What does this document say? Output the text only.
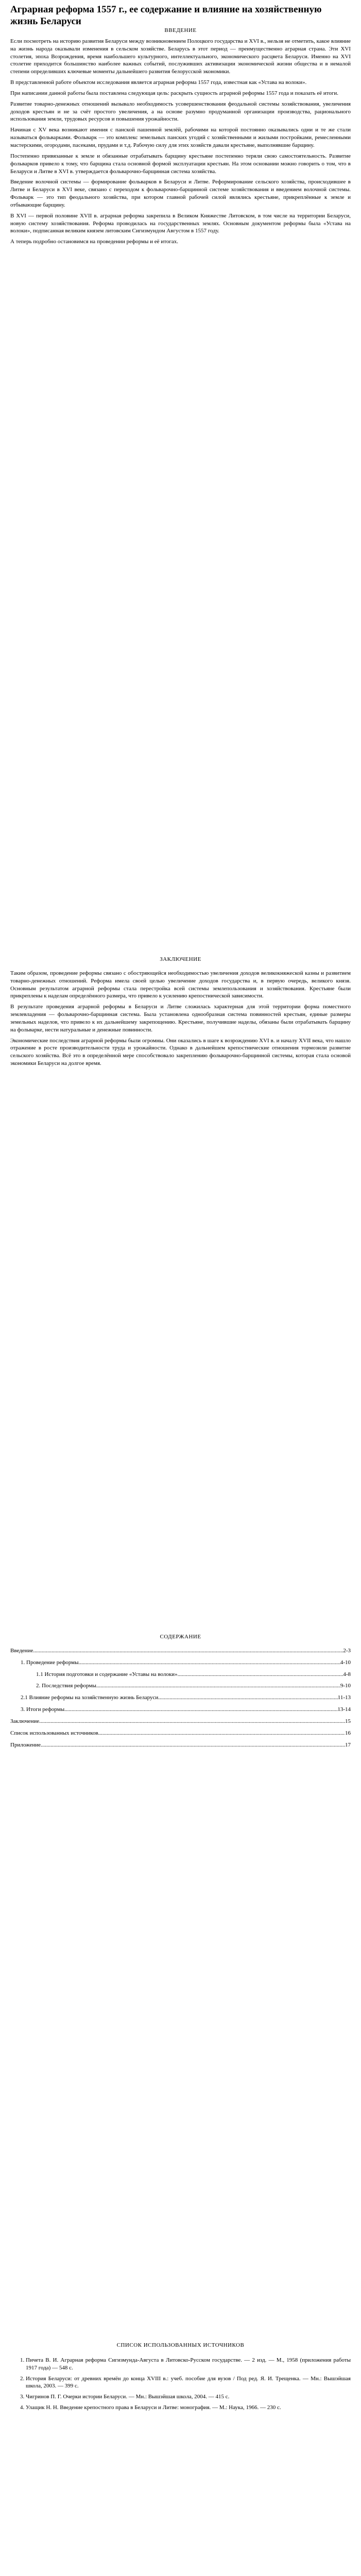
Аграрная реформа 1557 г., ее содержание и влияние на хозяйственную жизнь Беларуси

ВВЕДЕНИЕ

Если посмотреть на историю развития Беларуси между возникновением Полоцкого государства и XVI в., нельзя не отметить, какое влияние на жизнь народа оказывали изменения в сельском хозяйстве. Беларусь в этот период — преимущественно аграрная страна. Эти XVI столетия, эпоха Возрождения, время наибольшего культурного, интеллектуального, экономического расцвета Беларуси. Именно на XVI столетие приходится большинство наиболее важных событий, послуживших активизации экономической жизни общества и в немалой степени определивших ключевые моменты дальнейшего развития белорусской экономики.

В представленной работе объектом исследования является аграрная реформа 1557 года, известная как «Устава на волоки».

При написании данной работы была поставлена следующая цель: раскрыть сущность аграрной реформы 1557 года и показать её итоги.

Развитие товарно-денежных отношений вызывало необходимость усовершенствования феодальной системы хозяйствования, увеличения доходов крестьян и не за счёт простого увеличения, а на основе разумно продуманной организации производства, рационального использования земли, трудовых ресурсов и повышения урожайности.

Начиная с XV века возникают имения с панской пашенной землёй, рабочими на которой постоянно оказывались одни и те же стали называться фольварками. Фольварк — это комплекс земельных панских угодий с хозяйственными и жилыми постройками, ремесленными мастерскими, огородами, пасеками, прудами и т.д. Рабочую силу для этих хозяйств давали крестьяне, выполнявшие барщину.

Постепенно привязанные к земле и обязанные отрабатывать барщину крестьяне постепенно теряли свою самостоятельность. Развитие фольварков привело к тому, что барщина стала основной формой эксплуатации крестьян. На этом основании можно говорить о том, что в Беларуси и Литве в XVI в. утверждается фольварочно-барщинная система хозяйства.

Введение волочной системы — формирование фольварков в Беларуси и Литве. Реформирование сельского хозяйства, происходившее в Литве и Беларуси в XVI веке, связано с переходом к фольварочно-барщинной системе хозяйствования и введением волочной системы. Фольварк — это тип феодального хозяйства, при котором главной рабочей силой являлись крестьяне, прикреплённые к земле и отбывающие барщину.

В XVI — первой половине XVII в. аграрная реформа закрепила в Великом Княжестве Литовском, в том числе на территории Беларуси, новую систему хозяйствования. Реформа проводилась на государственных землях. Основным документом реформы была «Устава на волоки», подписанная великим князем литовским Сигизмундом Августом в 1557 году.

А теперь подробно остановимся на проведении реформы и её итогах.

ЗАКЛЮЧЕНИЕ

Таким образом, проведение реформы связано с обостряющейся необходимостью увеличения доходов великокняжеской казны и развитием товарно-денежных отношений. Реформа имела своей целью увеличение доходов государства и, в первую очередь, великого князя. Основным результатом аграрной реформы стала перестройка всей системы землепользования и хозяйствования. Крестьяне были прикреплены к наделам определённого размера, что привело к усилению крепостнической зависимости.

В результате проведения аграрной реформы в Беларуси и Литве сложилась характерная для этой территории форма поместного землевладения — фольварочно-барщинная система. Была установлена однообразная система повинностей крестьян, единые размеры земельных наделов, что привело к их дальнейшему закрепощению. Крестьяне, получившие наделы, обязаны были отрабатывать барщину на фольварке, нести натуральные и денежные повинности.

Экономические последствия аграрной реформы были огромны. Они оказались в шаге к возрождению XVI в. и началу XVII века, что нашло отражение в росте производительности труда и урожайности. Однако в дальнейшем крепостнические отношения тормозили развитие сельского хозяйства. Всё это в определённой мере способствовало закреплению фольварочно-барщинной системы, которая стала основой экономики Беларуси на долгое время.

СОДЕРЖАНИЕ

Введение .....	2-3
1. Проведение реформы .....	4-10
1.1 История подготовки и содержание «Уставы на волоки» .....	4-8
2. Последствия реформы .....	9-10
2.1 Влияние реформы на хозяйственную жизнь Беларуси .....	11-13
3. Итоги реформы .....	13-14
Заключение .....	15
Список использованных источников .....	16
Приложение .....	17

СПИСОК ИСПОЛЬЗОВАННЫХ ИСТОЧНИКОВ

1. Пичета В. И. Аграрная реформа Сигизмунда-Августа в Литовско-Русском государстве. — 2 изд. — М., 1958 (приложения работы 1917 года) — 548 с.
2. История Беларуси: от древних времён до конца XVIII в.: учеб. пособие для вузов / Под ред. Я. И. Трещенка. — Мн.: Вышэйшая школа, 2003. — 399 с.
3. Чигринов П. Г. Очерки истории Беларуси. — Мн.: Вышэйшая школа, 2004. — 415 с.
4. Улащик Н. Н. Введение крепостного права в Беларуси и Литве: монография. — М.: Наука, 1966. — 230 с.
